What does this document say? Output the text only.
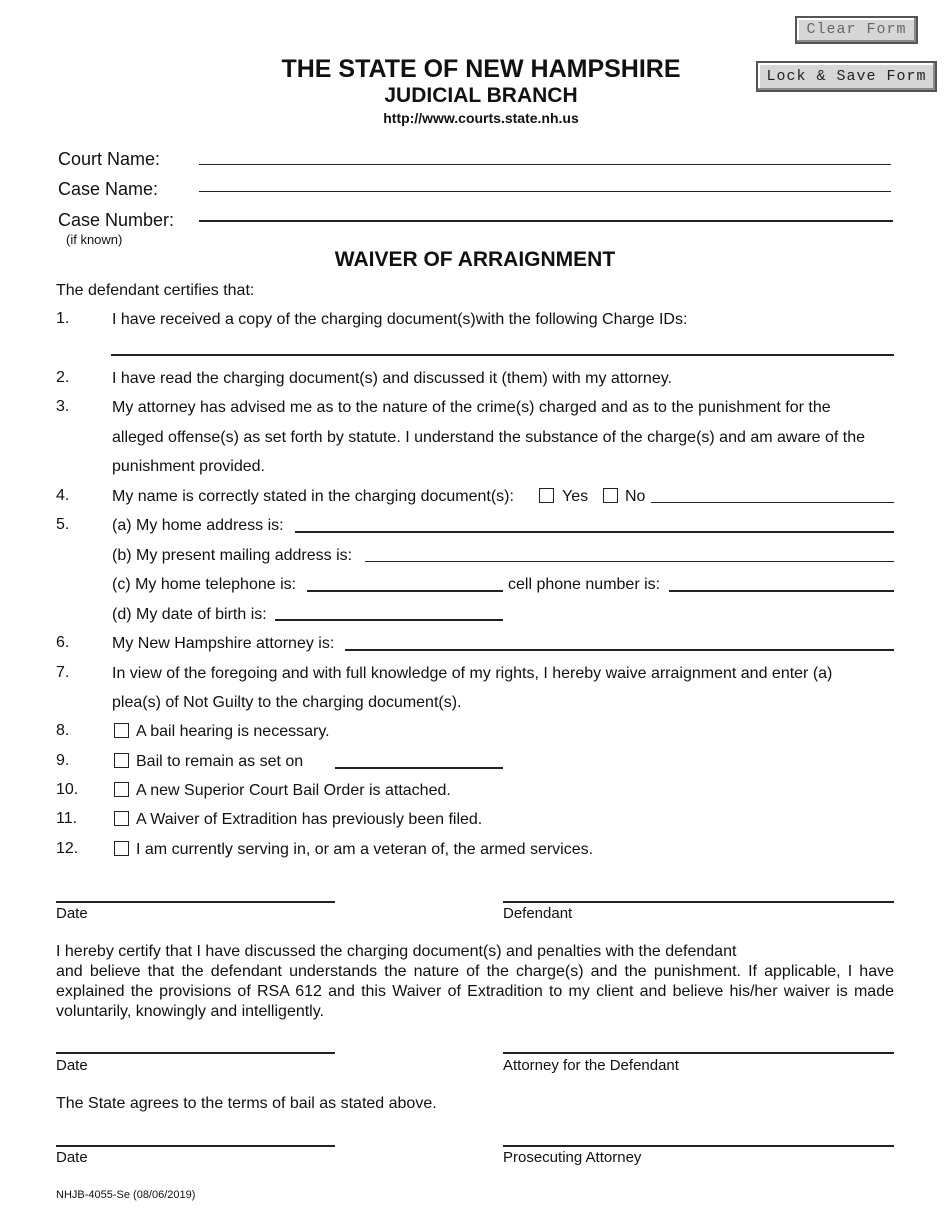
Clear Form
Lock & Save Form
THE STATE OF NEW HAMPSHIRE
JUDICIAL BRANCH
http://www.courts.state.nh.us
Court Name:
Case Name:
Case Number:
(if known)
WAIVER OF ARRAIGNMENT
The defendant certifies that:
1.	I have received a copy of the charging document(s)with the following Charge IDs:
2.	I have read the charging document(s) and discussed it (them) with my attorney.
3.	My attorney has advised me as to the nature of the crime(s) charged and as to the punishment for the
alleged offense(s) as set forth by statute. I understand the substance of the charge(s) and am aware of the
punishment provided.
4.	My name is correctly stated in the charging document(s):	Yes No
5.	(a) My home address is:
(b) My present mailing address is:
(c) My home telephone is:	cell phone number is:
(d) My date of birth is:
6.	My New Hampshire attorney is:
7.	In view of the foregoing and with full knowledge of my rights, I hereby waive arraignment and enter (a)
plea(s) of Not Guilty to the charging document(s).
8.	A bail hearing is necessary.
9.	Bail to remain as set on
10.	A new Superior Court Bail Order is attached.
11.	A Waiver of Extradition has previously been filed.
12.	I am currently serving in, or am a veteran of, the armed services.
Date	Defendant
I hereby certify that I have discussed the charging document(s) and penalties with the defendant
and believe that the defendant understands the nature of the charge(s) and the punishment. If applicable, I have explained the provisions of RSA 612 and this Waiver of Extradition to my client and believe his/her waiver is made voluntarily, knowingly and intelligently.
Date	Attorney for the Defendant
The State agrees to the terms of bail as stated above.
Date	Prosecuting Attorney
NHJB-4055-Se (08/06/2019)
